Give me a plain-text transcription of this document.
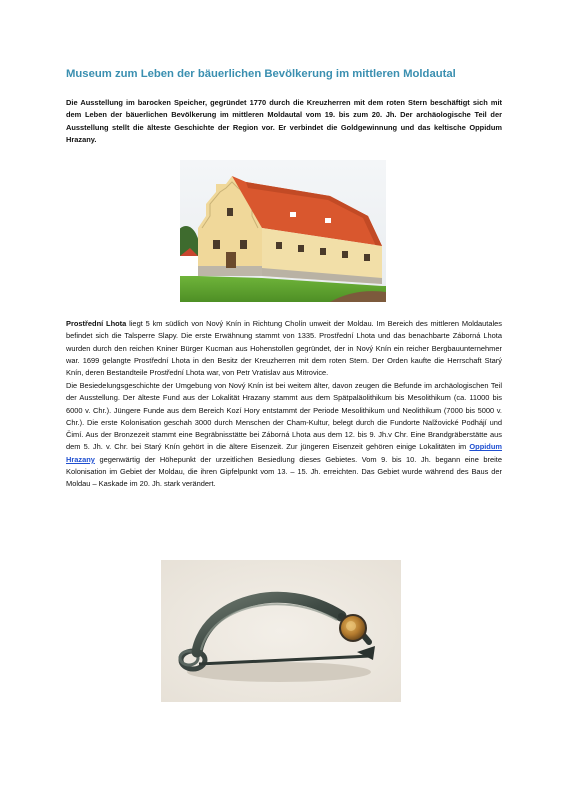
Museum zum Leben der bäuerlichen Bevölkerung im mittleren Moldautal
Die Ausstellung im barocken Speicher, gegründet 1770 durch die Kreuzherren mit dem roten Stern beschäftigt sich mit dem Leben der bäuerlichen Bevölkerung im mittleren Moldautal vom 19. bis zum 20. Jh. Der archäologische Teil der Ausstellung stellt die älteste Geschichte der Region vor. Er verbindet die Goldgewinnung und das keltische Oppidum Hrazany.
Prostřední Lhota liegt 5 km südlich von Nový Knín in Richtung Cholín unweit der Moldau. Im Bereich des mittleren Moldautales befindet sich die Talsperre Slapy. Die erste Erwähnung stammt von 1335. Prostřední Lhota und das benachbarte Záborná Lhota wurden durch den reichen Kniner Bürger Kucman aus Hohenstollen gegründet, der in Nový Knín ein reicher Bergbauunternehmer war. 1699 gelangte Prostřední Lhota in den Besitz der Kreuzherren mit dem roten Stern. Der Orden kaufte die Herrschaft Starý Knín, deren Bestandteile Prostřední Lhota war, von Petr Vratislav aus Mitrovice.
Die Besiedelungsgeschichte der Umgebung von Nový Knín ist bei weitem älter, davon zeugen die Befunde im archäologischen Teil der Ausstellung. Der älteste Fund aus der Lokalität Hrazany stammt aus dem Spätpaläolithikum bis Mesolithikum (ca. 11000 bis 6000 v. Chr.). Jüngere Funde aus dem Bereich Kozí Hory entstammt der Periode Mesolithikum und Neolithikum (7000 bis 5000 v. Chr.). Die erste Kolonisation geschah 3000 durch Menschen der Cham-Kultur, belegt durch die Fundorte Nalžovické Podhájí und Čimí. Aus der Bronzezeit stammt eine Begräbnisstätte bei Záborná Lhota aus dem 12. bis 9. Jh.v Chr. Eine Brandgräberstätte aus dem 5. Jh. v. Chr. bei Starý Knín gehört in die ältere Eisenzeit. Zur jüngeren Eisenzeit gehören einige Lokalitäten im Oppidum Hrazany gegenwärtig der Höhepunkt der urzeitlichen Besiedlung dieses Gebietes. Vom 9. bis 10. Jh. begann eine breite Kolonisation im Gebiet der Moldau, die ihren Gipfelpunkt vom 13. – 15. Jh. erreichten. Das Gebiet wurde während des Baus der Moldau – Kaskade im 20. Jh. stark verändert.
